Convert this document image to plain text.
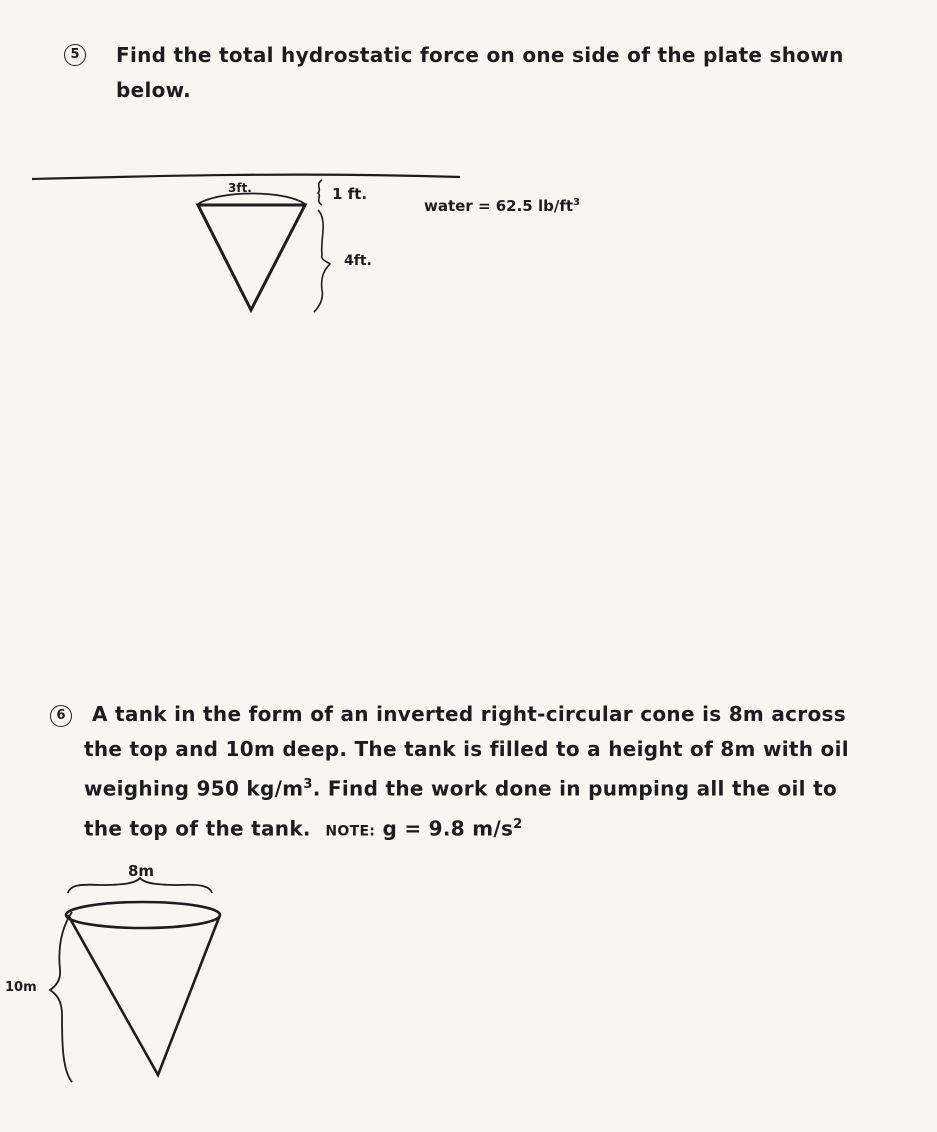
5	Find the total hydrostatic force on one side of the plate shown
below.
3ft.	1 ft.
4ft.
water = 62.5 $lb/ft^3$
6	A tank in the form of an inverted right-circular cone is 8m across
the top and 10m deep. The tank is filled to a height of 8m with oil
weighing 950 $kg/m^3$. Find the work done in pumping all the oil to
the top of the tank. NOTE: g = 9.8 $m/s^2$
8m
10m
